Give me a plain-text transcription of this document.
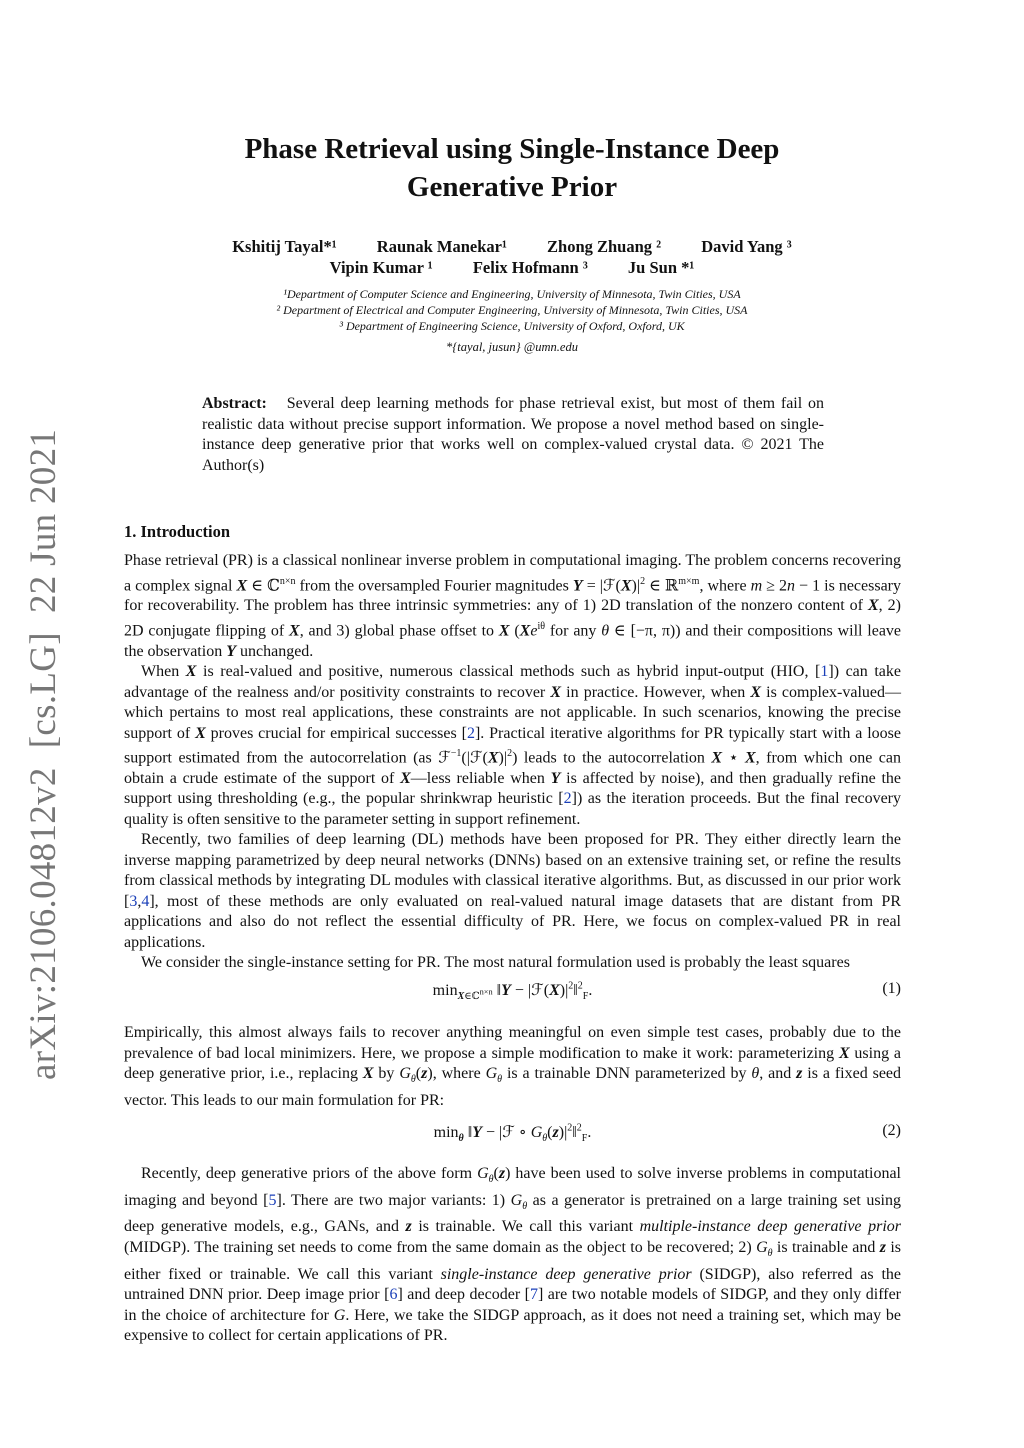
arXiv:2106.04812v2  [cs.LG]  22 Jun 2021
Phase Retrieval using Single-Instance Deep
Generative Prior
Kshitij Tayal*¹ Raunak Manekar¹ Zhong Zhuang ² David Yang ³
Vipin Kumar ¹ Felix Hofmann ³ Ju Sun *¹
¹Department of Computer Science and Engineering, University of Minnesota, Twin Cities, USA
² Department of Electrical and Computer Engineering, University of Minnesota, Twin Cities, USA
³ Department of Engineering Science, University of Oxford, Oxford, UK
*{tayal, jusun} @umn.edu
Abstract: Several deep learning methods for phase retrieval exist, but most of them fail on realistic data without precise support information. We propose a novel method based on single-instance deep generative prior that works well on complex-valued crystal data. © 2021 The Author(s)
1. Introduction

Phase retrieval (PR) is a classical nonlinear inverse problem in computational imaging. The problem concerns recovering a complex signal X ∈ ℂ$^{n\times n}$ from the oversampled Fourier magnitudes $Y = |ℱ(X)|^2$ ∈ ℝ$^{m\times m}$, where m ≥ 2n − 1 is necessary for recoverability. The problem has three intrinsic symmetries: any of 1) 2D translation of the nonzero content of X, 2) 2D conjugate flipping of X, and 3) global phase offset to X ($Xe^{i\theta}$ for any θ ∈ [−π, π)) and their compositions will leave the observation Y unchanged.

When X is real-valued and positive, numerous classical methods such as hybrid input-output (HIO, [1]) can take advantage of the realness and/or positivity constraints to recover X in practice. However, when X is complex-valued—which pertains to most real applications, these constraints are not applicable. In such scenarios, knowing the precise support of X proves crucial for empirical successes [2]. Practical iterative algorithms for PR typically start with a loose support estimated from the autocorrelation (as $ℱ^{-1}(|ℱ(X)|^2)$ leads to the autocorrelation X ⋆ X, from which one can obtain a crude estimate of the support of X—less reliable when Y is affected by noise), and then gradually refine the support using thresholding (e.g., the popular shrinkwrap heuristic [2]) as the iteration proceeds. But the final recovery quality is often sensitive to the parameter setting in support refinement.

Recently, two families of deep learning (DL) methods have been proposed for PR. They either directly learn the inverse mapping parametrized by deep neural networks (DNNs) based on an extensive training set, or refine the results from classical methods by integrating DL modules with classical iterative algorithms. But, as discussed in our prior work [3,4], most of these methods are only evaluated on real-valued natural image datasets that are distant from PR applications and also do not reflect the essential difficulty of PR. Here, we focus on complex-valued PR in real applications.

We consider the single-instance setting for PR. The most natural formulation used is probably the least squares

$\min_{X\in ℂ^{n\times n}}$ ‖Y − $|ℱ(X)|^2‖^2_F$.	(1)

Empirically, this almost always fails to recover anything meaningful on even simple test cases, probably due to the prevalence of bad local minimizers. Here, we propose a simple modification to make it work: parameterizing X using a deep generative prior, i.e., replacing X by $G_\theta(z)$, where $G_\theta$ is a trainable DNN parameterized by θ, and z is a fixed seed vector. This leads to our main formulation for PR:

$\min_\theta$ ‖Y − |ℱ ∘ $G_\theta(z)|^2‖^2_F$.	(2)

Recently, deep generative priors of the above form $G_\theta(z)$ have been used to solve inverse problems in computational imaging and beyond [5]. There are two major variants: 1) $G_\theta$ as a generator is pretrained on a large training set using deep generative models, e.g., GANs, and z is trainable. We call this variant multiple-instance deep generative prior (MIDGP). The training set needs to come from the same domain as the object to be recovered; 2) $G_\theta$ is trainable and z is either fixed or trainable. We call this variant single-instance deep generative prior (SIDGP), also referred as the untrained DNN prior. Deep image prior [6] and deep decoder [7] are two notable models of SIDGP, and they only differ in the choice of architecture for G. Here, we take the SIDGP approach, as it does not need a training set, which may be expensive to collect for certain applications of PR.
